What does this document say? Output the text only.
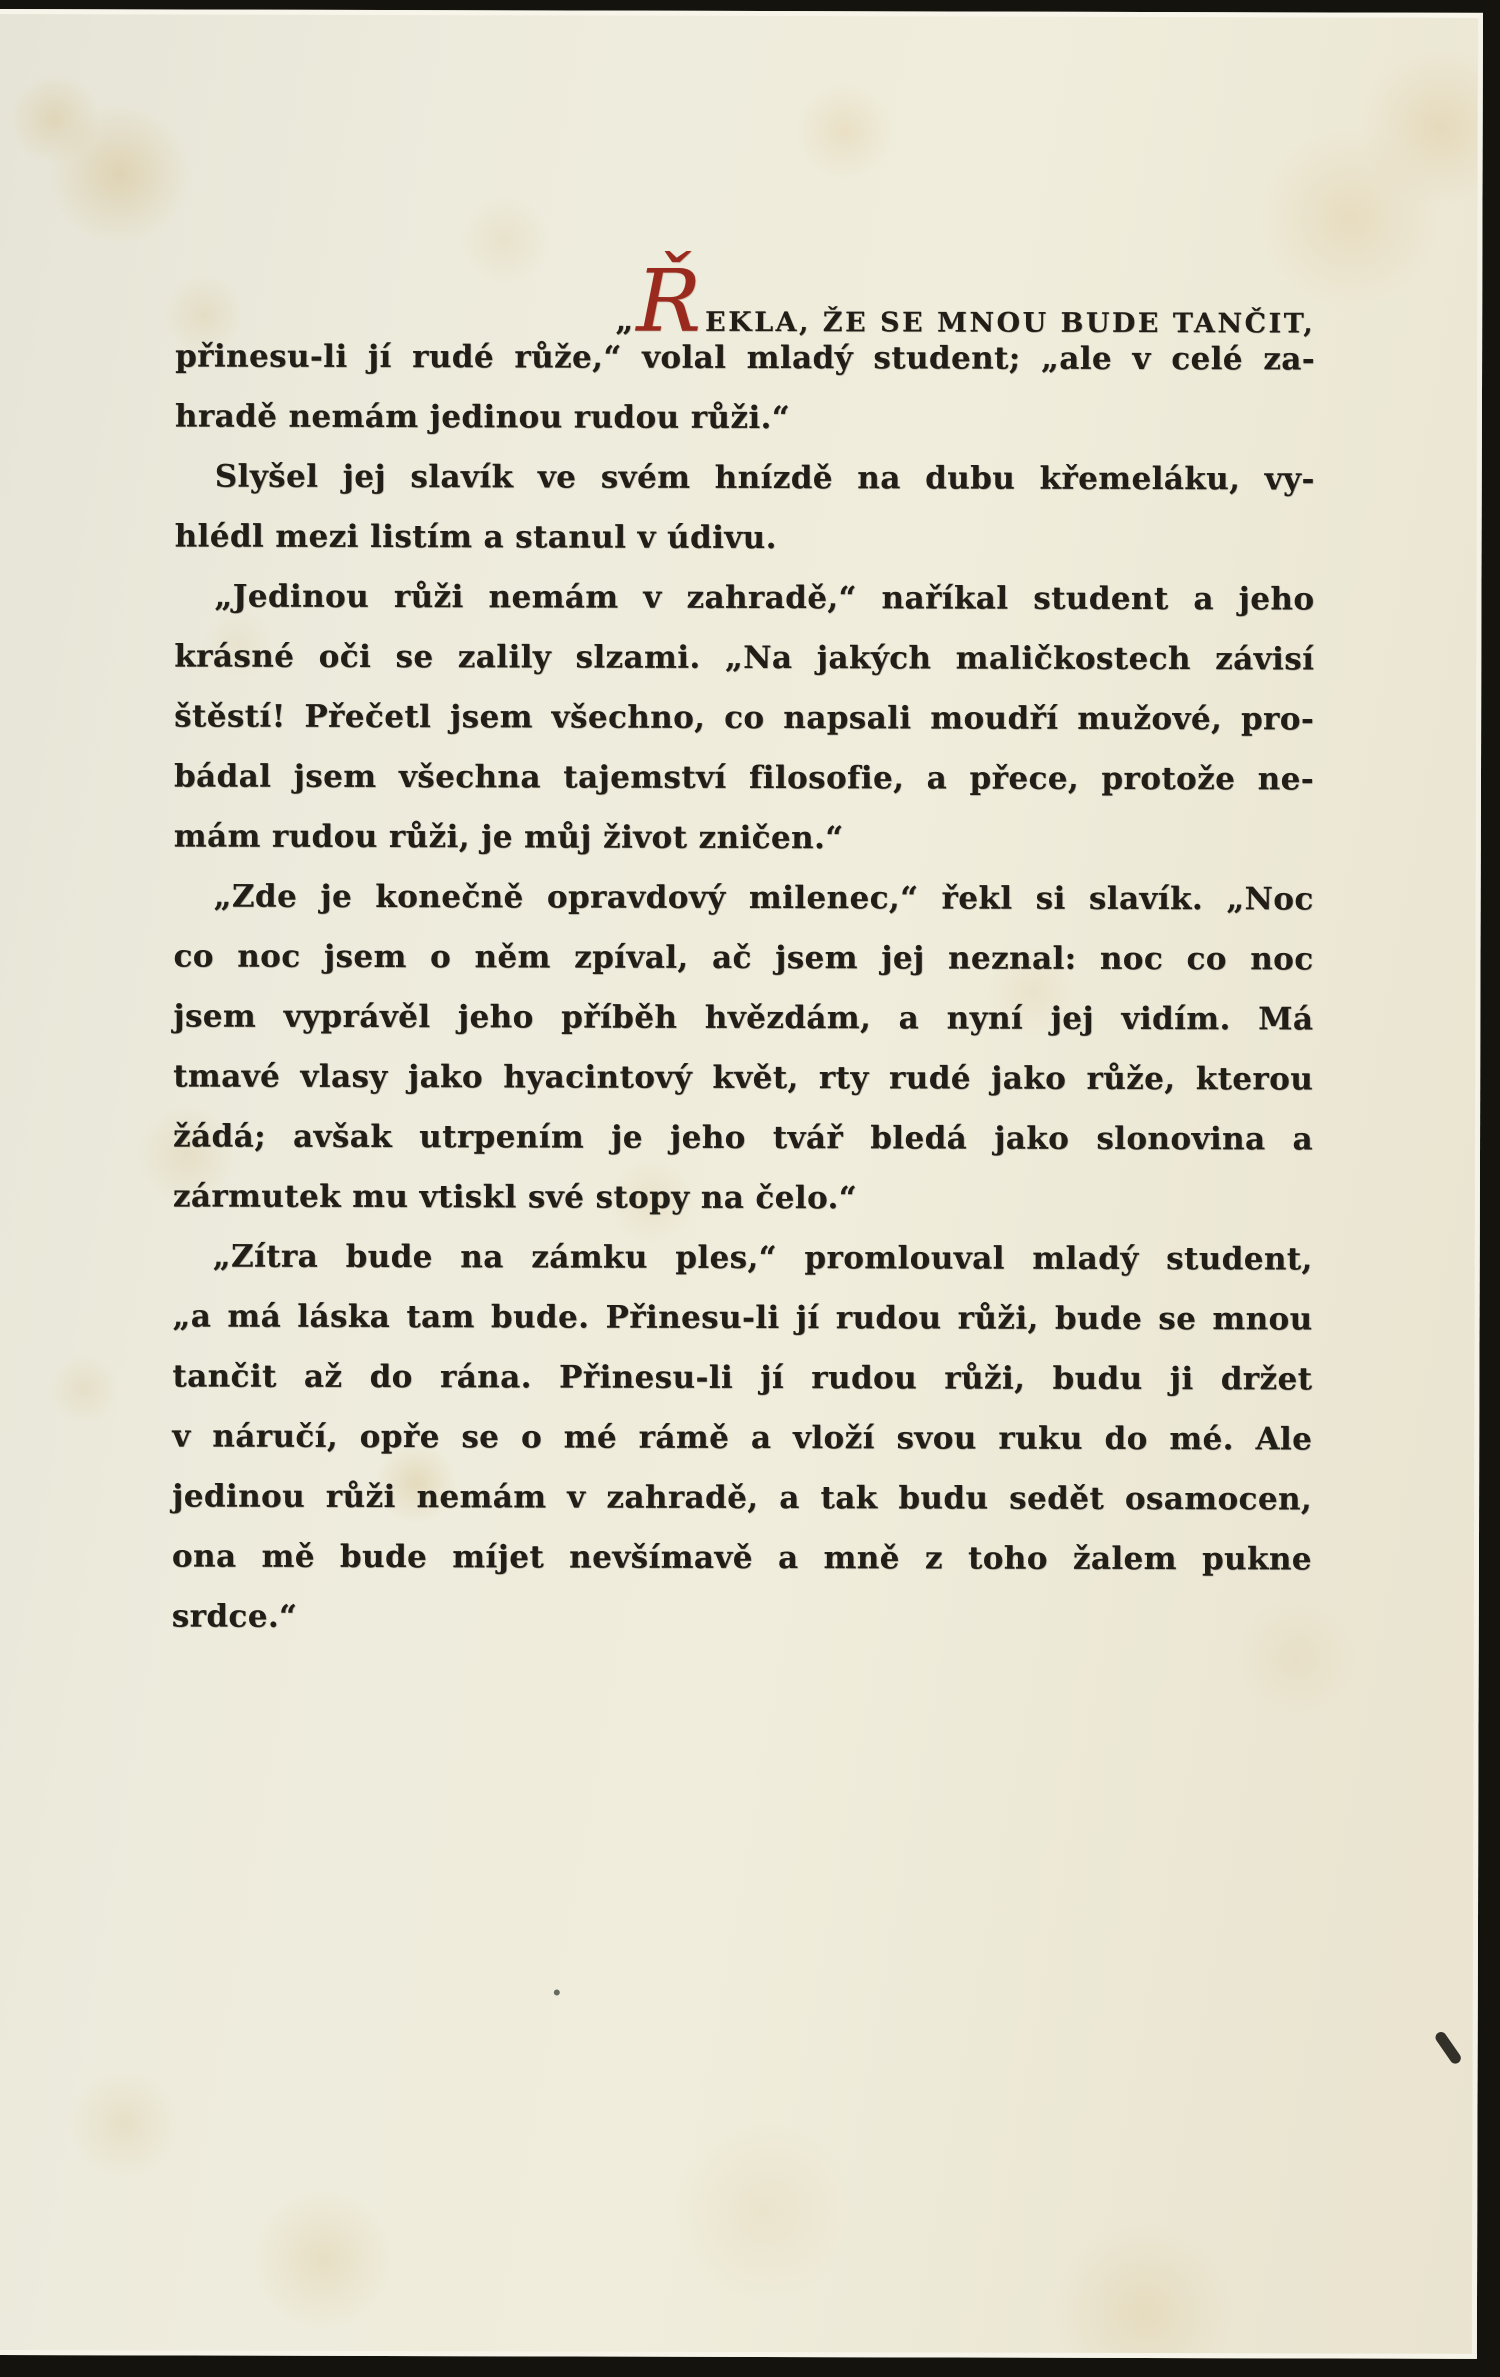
„ Ř EKLA, ŽE SE MNOU BUDE TANČIT,
přinesu-li jí rudé růže,“ volal mladý student; „ale v celé za-
hradě nemám jedinou rudou růži.“
Slyšel jej slavík ve svém hnízdě na dubu křemeláku, vy-
hlédl mezi listím a stanul v údivu.
„Jedinou růži nemám v zahradě,“ naříkal student a jeho
krásné oči se zalily slzami. „Na jakých maličkostech závisí
štěstí! Přečetl jsem všechno, co napsali moudří mužové, pro-
bádal jsem všechna tajemství filosofie, a přece, protože ne-
mám rudou růži, je můj život zničen.“
„Zde je konečně opravdový milenec,“ řekl si slavík. „Noc
co noc jsem o něm zpíval, ač jsem jej neznal: noc co noc
jsem vyprávěl jeho příběh hvězdám, a nyní jej vidím. Má
tmavé vlasy jako hyacintový květ, rty rudé jako růže, kterou
žádá; avšak utrpením je jeho tvář bledá jako slonovina a
zármutek mu vtiskl své stopy na čelo.“
„Zítra bude na zámku ples,“ promlouval mladý student,
„a má láska tam bude. Přinesu-li jí rudou růži, bude se mnou
tančit až do rána. Přinesu-li jí rudou růži, budu ji držet
v náručí, opře se o mé rámě a vloží svou ruku do mé. Ale
jedinou růži nemám v zahradě, a tak budu sedět osamocen,
ona mě bude míjet nevšímavě a mně z toho žalem pukne
srdce.“
